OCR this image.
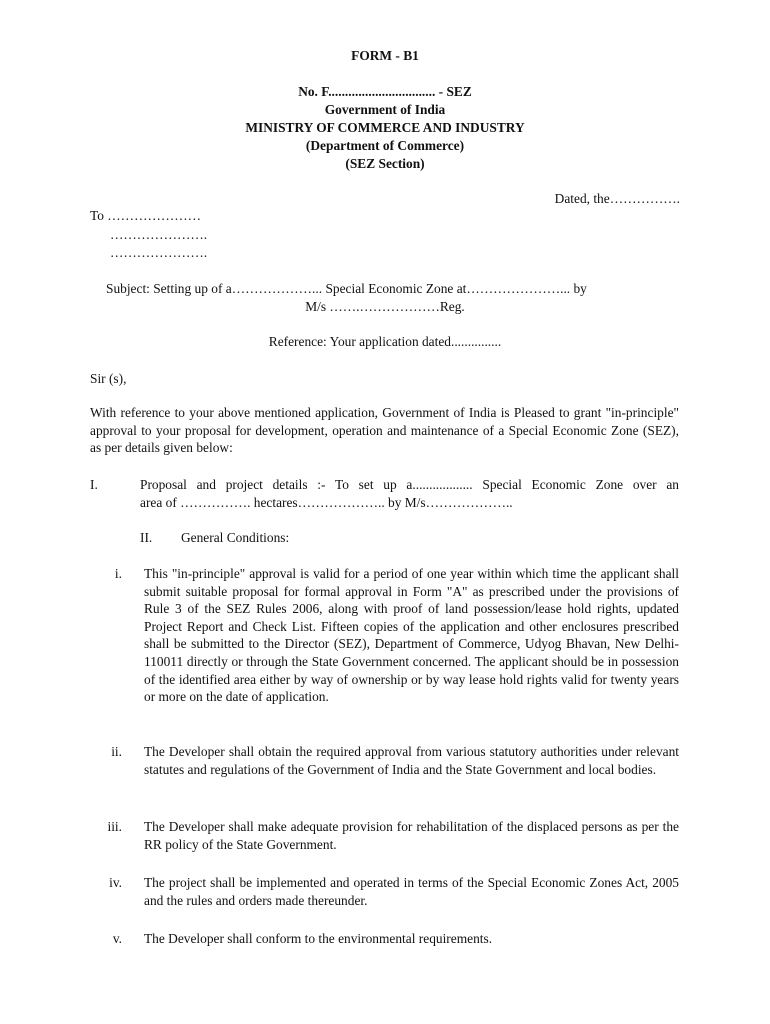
FORM - B1
No. F................................ - SEZ
Government of India
MINISTRY OF COMMERCE AND INDUSTRY
(Department of Commerce)
(SEZ Section)
Dated, the…………….
To …………………
………………….
………………….
Subject: Setting up of a………………... Special Economic Zone at…………………... by
M/s …….………………Reg.
Reference: Your application dated...............
Sir (s),
With reference to your above mentioned application, Government of India is Pleased to grant "in-principle" approval to your proposal for development, operation and maintenance of a Special Economic Zone (SEZ), as per details given below:
I.	Proposal and project details :- To set up a.................. Special Economic Zone over an
area of ……………. hectares……………….. by M/s………………..
II. General Conditions:
i. This "in-principle" approval is valid for a period of one year within which time the applicant shall submit suitable proposal for formal approval in Form "A" as prescribed under the provisions of Rule 3 of the SEZ Rules 2006, along with proof of land possession/lease hold rights, updated Project Report and Check List. Fifteen copies of the application and other enclosures prescribed shall be submitted to the Director (SEZ), Department of Commerce, Udyog Bhavan, New Delhi-110011 directly or through the State Government concerned. The applicant should be in possession of the identified area either by way of ownership or by way lease hold rights valid for twenty years or more on the date of application.
ii. The Developer shall obtain the required approval from various statutory authorities under relevant statutes and regulations of the Government of India and the State Government and local bodies.
iii. The Developer shall make adequate provision for rehabilitation of the displaced persons as per the RR policy of the State Government.
iv. The project shall be implemented and operated in terms of the Special Economic Zones Act, 2005 and the rules and orders made thereunder.
v. The Developer shall conform to the environmental requirements.
